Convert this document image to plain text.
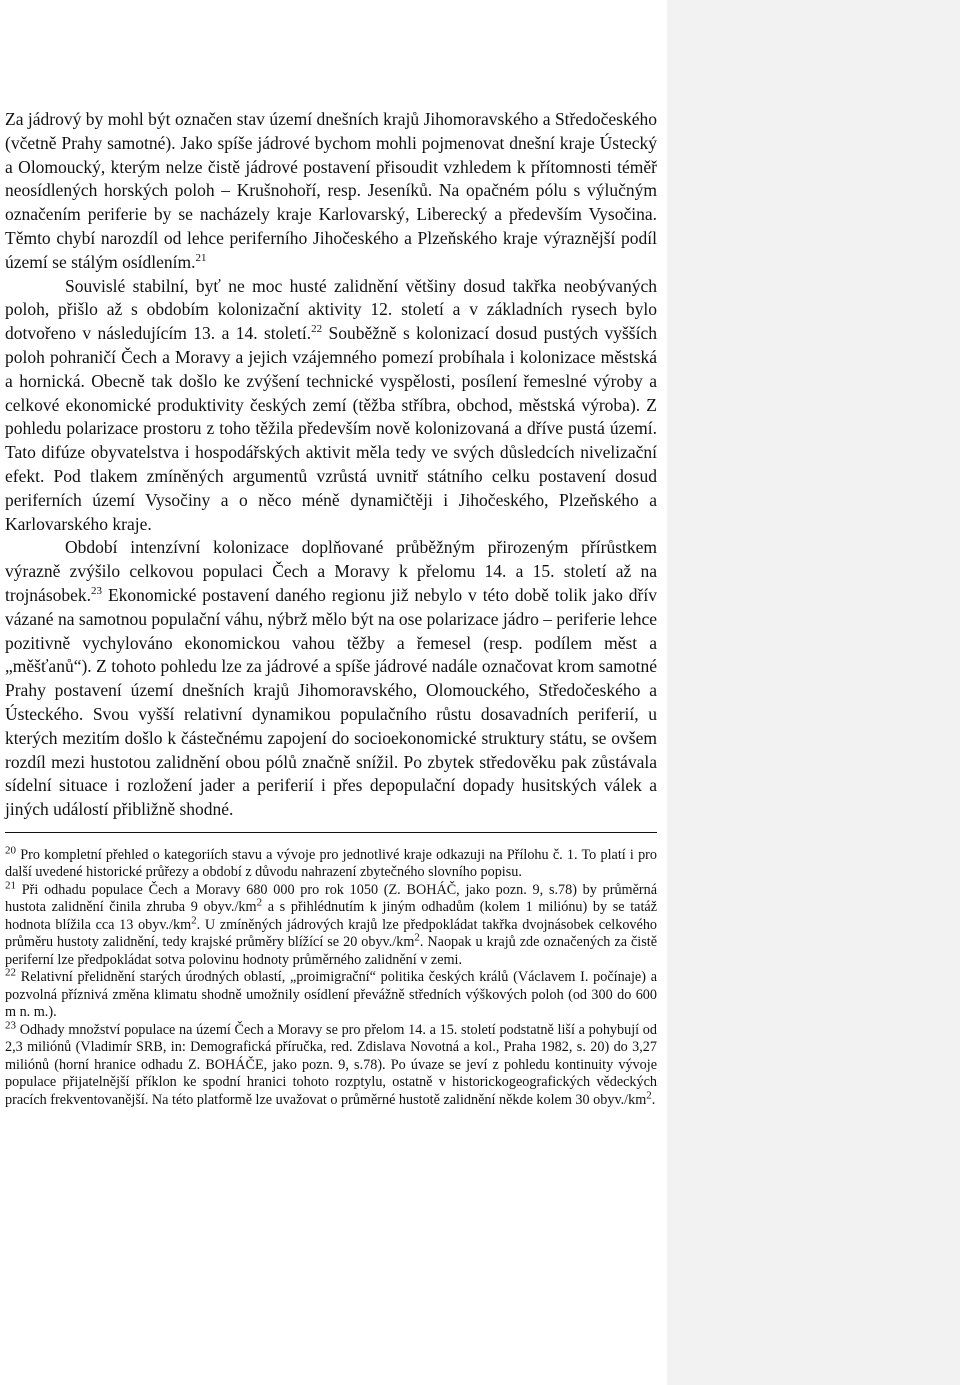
Za jádrový by mohl být označen stav území dnešních krajů Jihomoravského a Středočeského (včetně Prahy samotné). Jako spíše jádrové bychom mohli pojmenovat dnešní kraje Ústecký a Olomoucký, kterým nelze čistě jádrové postavení přisoudit vzhledem k přítomnosti téměř neosídlených horských poloh – Krušnohoří, resp. Jeseníků. Na opačném pólu s výlučným označením periferie by se nacházely kraje Karlovarský, Liberecký a především Vysočina. Těmto chybí narozdíl od lehce periferního Jihočeského a Plzeňského kraje výraznější podíl území se stálým osídlením.$^{21}$

Souvislé stabilní, byť ne moc husté zalidnění většiny dosud takřka neobývaných poloh, přišlo až s obdobím kolonizační aktivity 12. století a v základních rysech bylo dotvořeno v následujícím 13. a 14. století.$^{22}$ Souběžně s kolonizací dosud pustých vyšších poloh pohraničí Čech a Moravy a jejich vzájemného pomezí probíhala i kolonizace městská a hornická. Obecně tak došlo ke zvýšení technické vyspělosti, posílení řemeslné výroby a celkové ekonomické produktivity českých zemí (těžba stříbra, obchod, městská výroba). Z pohledu polarizace prostoru z toho těžila především nově kolonizovaná a dříve pustá území. Tato difúze obyvatelstva i hospodářských aktivit měla tedy ve svých důsledcích nivelizační efekt. Pod tlakem zmíněných argumentů vzrůstá uvnitř státního celku postavení dosud periferních území Vysočiny a o něco méně dynamičtěji i Jihočeského, Plzeňského a Karlovarského kraje.

Období intenzívní kolonizace doplňované průběžným přirozeným přírůstkem výrazně zvýšilo celkovou populaci Čech a Moravy k přelomu 14. a 15. století až na trojnásobek.$^{23}$ Ekonomické postavení daného regionu již nebylo v této době tolik jako dřív vázané na samotnou populační váhu, nýbrž mělo být na ose polarizace jádro – periferie lehce pozitivně vychylováno ekonomickou vahou těžby a řemesel (resp. podílem měst a „měšťanů“). Z tohoto pohledu lze za jádrové a spíše jádrové nadále označovat krom samotné Prahy postavení území dnešních krajů Jihomoravského, Olomouckého, Středočeského a Ústeckého. Svou vyšší relativní dynamikou populačního růstu dosavadních periferií, u kterých mezitím došlo k částečnému zapojení do socioekonomické struktury státu, se ovšem rozdíl mezi hustotou zalidnění obou pólů značně snížil. Po zbytek středověku pak zůstávala sídelní situace i rozložení jader a periferií i přes depopulační dopady husitských válek a jiných událostí přibližně shodné.

$^{20}$ Pro kompletní přehled o kategoriích stavu a vývoje pro jednotlivé kraje odkazuji na Přílohu č. 1. To platí i pro další uvedené historické průřezy a období z důvodu nahrazení zbytečného slovního popisu.

$^{21}$ Při odhadu populace Čech a Moravy 680 000 pro rok 1050 (Z. BOHÁČ, jako pozn. 9, s.78) by průměrná hustota zalidnění činila zhruba 9 $obyv./km^2$ a s přihlédnutím k jiným odhadům (kolem 1 miliónu) by se tatáž hodnota blížila cca 13 $obyv./km^2$. U zmíněných jádrových krajů lze předpokládat takřka dvojnásobek celkového průměru hustoty zalidnění, tedy krajské průměry blížící se 20 $obyv./km^2$. Naopak u krajů zde označených za čistě periferní lze předpokládat sotva polovinu hodnoty průměrného zalidnění v zemi.

$^{22}$ Relativní přelidnění starých úrodných oblastí, „proimigrační“ politika českých králů (Václavem I. počínaje) a pozvolná příznivá změna klimatu shodně umožnily osídlení převážně středních výškových poloh (od 300 do 600 m n. m.).

$^{23}$ Odhady množství populace na území Čech a Moravy se pro přelom 14. a 15. století podstatně liší a pohybují od 2,3 miliónů (Vladimír SRB, in: Demografická příručka, red. Zdislava Novotná a kol., Praha 1982, s. 20) do 3,27 miliónů (horní hranice odhadu Z. BOHÁČE, jako pozn. 9, s.78). Po úvaze se jeví z pohledu kontinuity vývoje populace přijatelnější příklon ke spodní hranici tohoto rozptylu, ostatně v historickogeografických vědeckých pracích frekventovanější. Na této platformě lze uvažovat o průměrné hustotě zalidnění někde kolem 30 $obyv./km^2$.
